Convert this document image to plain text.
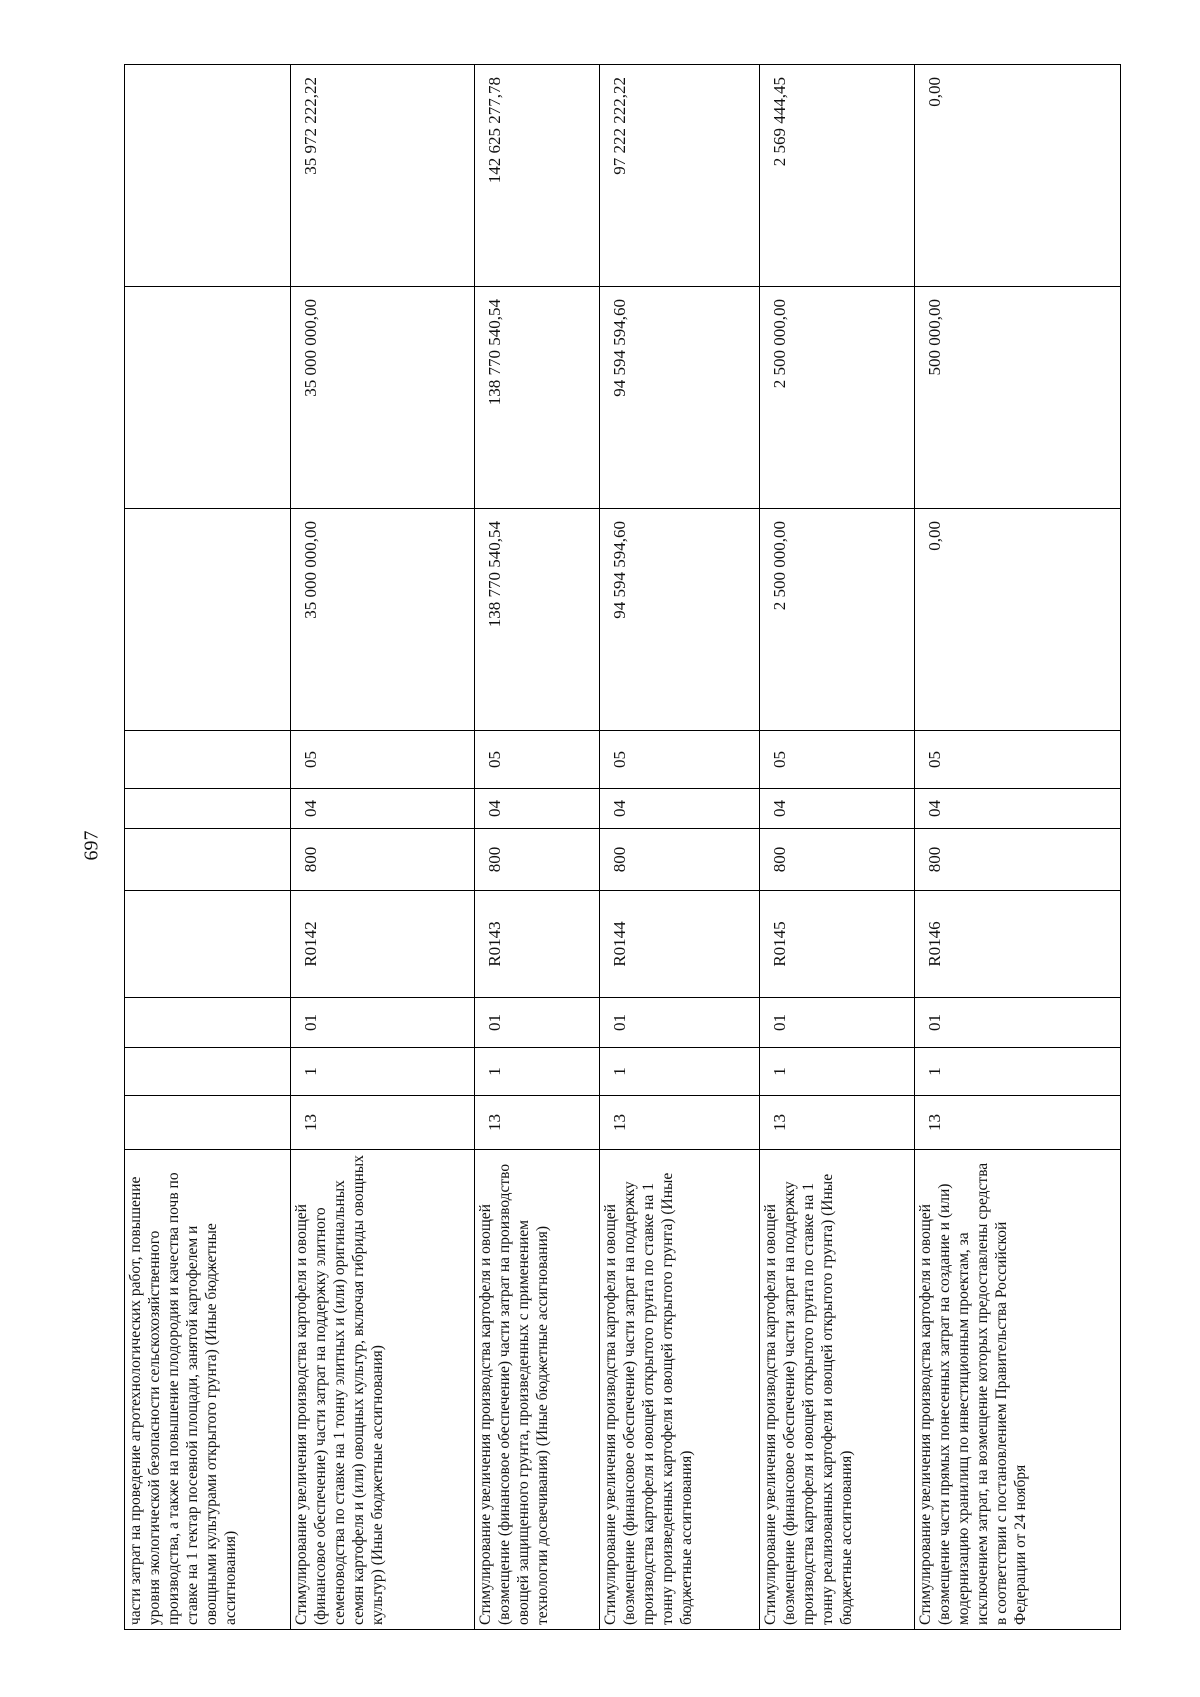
697
части затрат на проведение агротехнологических работ, повышение уровня экологической безопасности сельскохозяйственного производства, а также на повышение плодородия и качества почв по ставке на 1 гектар посевной площади, занятой картофелем и овощными культурами открытого грунта) (Иные бюджетные ассигнования)										
Стимулирование увеличения производства картофеля и овощей (финансовое обеспечение) части затрат на поддержку элитного семеноводства по ставке на 1 тонну элитных и (или) оригинальных семян картофеля и (или) овощных культур, включая гибриды овощных культур) (Иные бюджетные ассигнования)	13	1	01	R0142	800	04	05	35 000 000,00	35 000 000,00	35 972 222,22
Стимулирование увеличения производства картофеля и овощей (возмещение (финансовое обеспечение) части затрат на производство овощей защищенного грунта, произведенных с применением технологии досвечивания) (Иные бюджетные ассигнования)	13	1	01	R0143	800	04	05	138 770 540,54	138 770 540,54	142 625 277,78
Стимулирование увеличения производства картофеля и овощей (возмещение (финансовое обеспечение) части затрат на поддержку производства картофеля и овощей открытого грунта по ставке на 1 тонну произведенных картофеля и овощей открытого грунта) (Иные бюджетные ассигнования)	13	1	01	R0144	800	04	05	94 594 594,60	94 594 594,60	97 222 222,22
Стимулирование увеличения производства картофеля и овощей (возмещение (финансовое обеспечение) части затрат на поддержку производства картофеля и овощей открытого грунта по ставке на 1 тонну реализованных картофеля и овощей открытого грунта) (Иные бюджетные ассигнования)	13	1	01	R0145	800	04	05	2 500 000,00	2 500 000,00	2 569 444,45
Стимулирование увеличения производства картофеля и овощей (возмещение части прямых понесенных затрат на создание и (или) модернизацию хранилищ по инвестиционным проектам, за исключением затрат, на возмещение которых предоставлены средства в соответствии с постановлением Правительства Российской Федерации от 24 ноября	13	1	01	R0146	800	04	05	0,00	500 000,00	0,00
